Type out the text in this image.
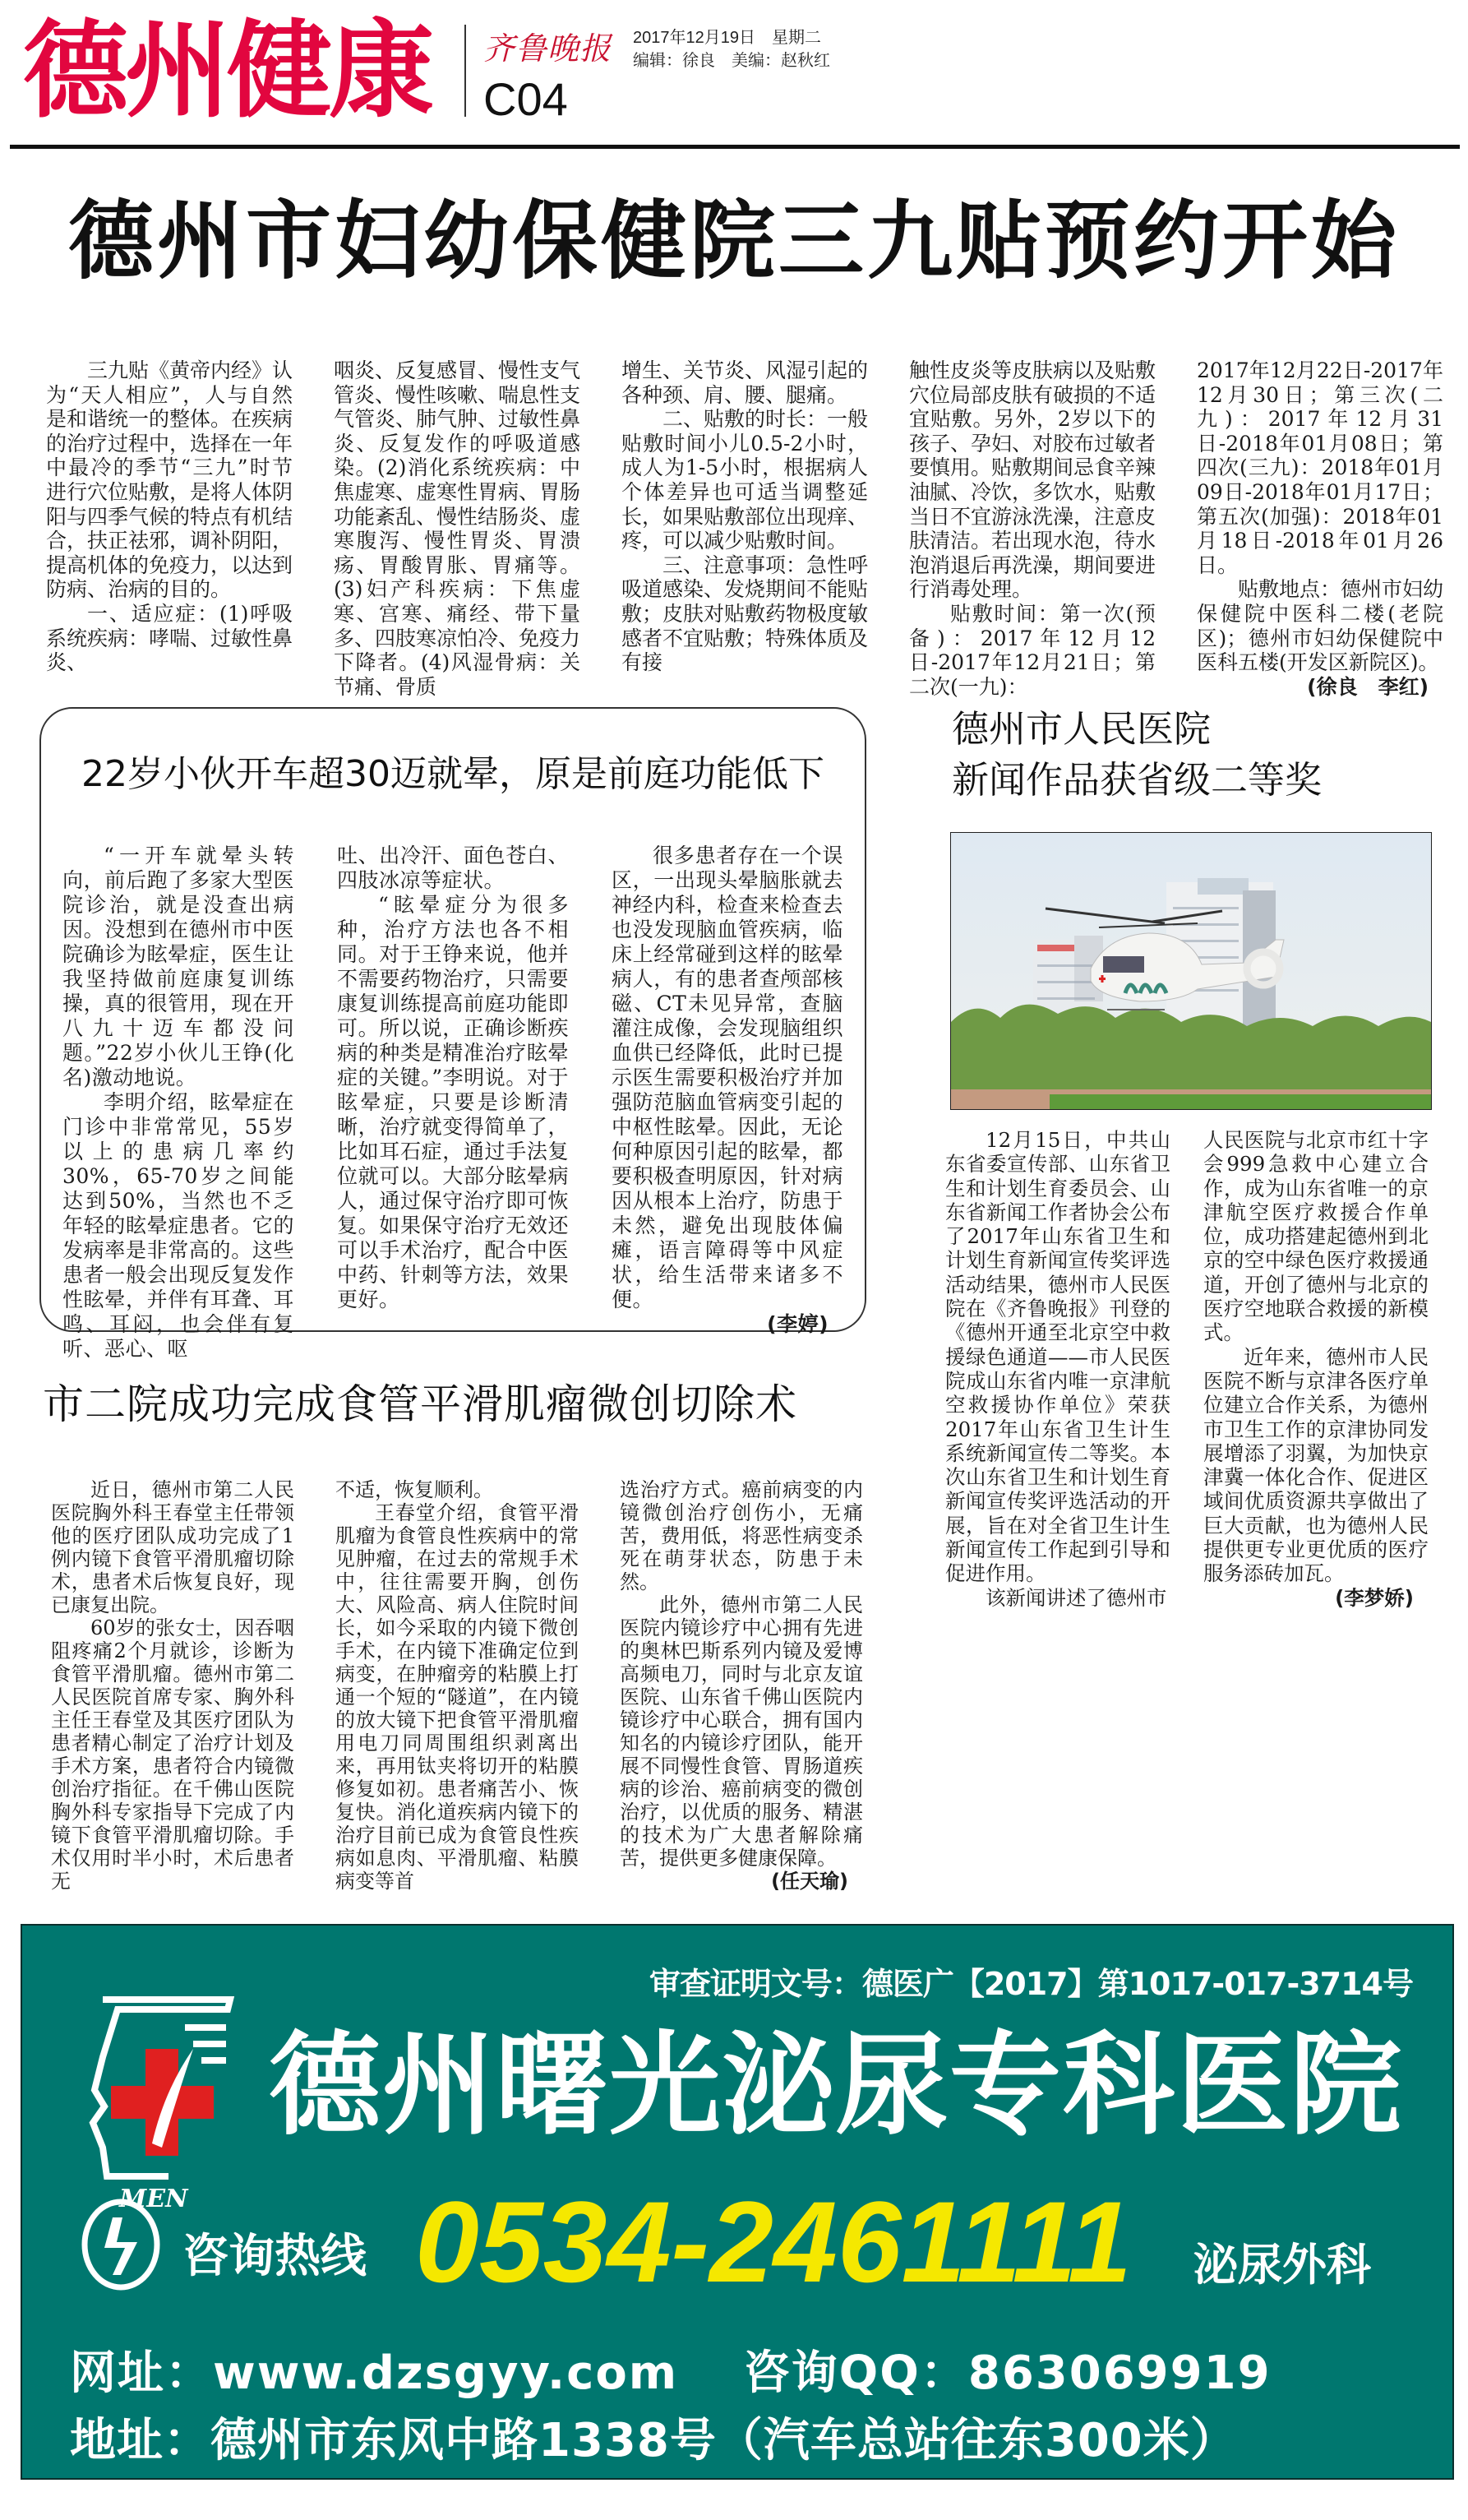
德州健康 齐鲁晚报 2017年12月19日　星期二
编辑：徐良　美编：赵秋红
C04
德州市妇幼保健院三九贴预约开始

三九贴《黄帝内经》认为“天人相应”，人与自然是和谐统一的整体。在疾病的治疗过程中，选择在一年中最冷的季节“三九”时节进行穴位贴敷，是将人体阴阳与四季气候的特点有机结合，扶正祛邪，调补阴阳，提高机体的免疫力，以达到防病、治病的目的。

一、适应症：(1)呼吸系统疾病：哮喘、过敏性鼻炎、

咽炎、反复感冒、慢性支气管炎、慢性咳嗽、喘息性支气管炎、肺气肿、过敏性鼻炎、反复发作的呼吸道感染。(2)消化系统疾病：中焦虚寒、虚寒性胃病、胃肠功能紊乱、慢性结肠炎、虚寒腹泻、慢性胃炎、胃溃疡、胃酸胃胀、胃痛等。(3)妇产科疾病：下焦虚寒、宫寒、痛经、带下量多、四肢寒凉怕冷、免疫力下降者。(4)风湿骨病：关节痛、骨质

增生、关节炎、风湿引起的各种颈、肩、腰、腿痛。

二、贴敷的时长：一般贴敷时间小儿0.5-2小时，成人为1-5小时，根据病人个体差异也可适当调整延长，如果贴敷部位出现痒、疼，可以减少贴敷时间。

三、注意事项：急性呼吸道感染、发烧期间不能贴敷；皮肤对贴敷药物极度敏感者不宜贴敷；特殊体质及有接

触性皮炎等皮肤病以及贴敷穴位局部皮肤有破损的不适宜贴敷。另外，2岁以下的孩子、孕妇、对胶布过敏者要慎用。贴敷期间忌食辛辣油腻、冷饮，多饮水，贴敷当日不宜游泳洗澡，注意皮肤清洁。若出现水泡，待水泡消退后再洗澡，期间要进行消毒处理。

贴敷时间：第一次(预备)：2017年12月12日-2017年12月21日；第二次(一九)：

2017年12月22日-2017年12月30日；第三次(二九)：2017年12月31日-2018年01月08日；第四次(三九)：2018年01月09日-2018年01月17日；第五次(加强)：2018年01月18日-2018年01月26日。

贴敷地点：德州市妇幼保健院中医科二楼(老院区)；德州市妇幼保健院中医科五楼(开发区新院区)。

(徐良　李红)

22岁小伙开车超30迈就晕，原是前庭功能低下

“一开车就晕头转向，前后跑了多家大型医院诊治，就是没查出病因。没想到在德州市中医院确诊为眩晕症，医生让我坚持做前庭康复训练操，真的很管用，现在开八九十迈车都没问题。”22岁小伙儿王铮(化名)激动地说。

李明介绍，眩晕症在门诊中非常常见，55岁以上的患病几率约30%，65-70岁之间能达到50%，当然也不乏年轻的眩晕症患者。它的发病率是非常高的。这些患者一般会出现反复发作性眩晕，并伴有耳聋、耳鸣、耳闷，也会伴有复听、恶心、呕

吐、出冷汗、面色苍白、四肢冰凉等症状。

“眩晕症分为很多种，治疗方法也各不相同。对于王铮来说，他并不需要药物治疗，只需要康复训练提高前庭功能即可。所以说，正确诊断疾病的种类是精准治疗眩晕症的关键。”李明说。对于眩晕症，只要是诊断清晰，治疗就变得简单了，比如耳石症，通过手法复位就可以。大部分眩晕病人，通过保守治疗即可恢复。如果保守治疗无效还可以手术治疗，配合中医中药、针刺等方法，效果更好。

很多患者存在一个误区，一出现头晕脑胀就去神经内科，检查来检查去也没发现脑血管疾病，临床上经常碰到这样的眩晕病人，有的患者查颅部核磁、CT未见异常，查脑灌注成像，会发现脑组织血供已经降低，此时已提示医生需要积极治疗并加强防范脑血管病变引起的中枢性眩晕。因此，无论何种原因引起的眩晕，都要积极查明原因，针对病因从根本上治疗，防患于未然，避免出现肢体偏瘫，语言障碍等中风症状，给生活带来诸多不便。

(李婷)

市二院成功完成食管平滑肌瘤微创切除术

近日，德州市第二人民医院胸外科王春堂主任带领他的医疗团队成功完成了1例内镜下食管平滑肌瘤切除术，患者术后恢复良好，现已康复出院。

60岁的张女士，因吞咽阻疼痛2个月就诊，诊断为食管平滑肌瘤。德州市第二人民医院首席专家、胸外科主任王春堂及其医疗团队为患者精心制定了治疗计划及手术方案，患者符合内镜微创治疗指征。在千佛山医院胸外科专家指导下完成了内镜下食管平滑肌瘤切除。手术仅用时半小时，术后患者无

不适，恢复顺利。

王春堂介绍，食管平滑肌瘤为食管良性疾病中的常见肿瘤，在过去的常规手术中，往往需要开胸，创伤大、风险高、病人住院时间长，如今采取的内镜下微创手术，在内镜下准确定位到病变，在肿瘤旁的粘膜上打通一个短的“隧道”，在内镜的放大镜下把食管平滑肌瘤用电刀同周围组织剥离出来，再用钛夹将切开的粘膜修复如初。患者痛苦小、恢复快。消化道疾病内镜下的治疗目前已成为食管良性疾病如息肉、平滑肌瘤、粘膜病变等首

选治疗方式。癌前病变的内镜微创治疗创伤小，无痛苦，费用低，将恶性病变杀死在萌芽状态，防患于未然。

此外，德州市第二人民医院内镜诊疗中心拥有先进的奥林巴斯系列内镜及爱博高频电刀，同时与北京友谊医院、山东省千佛山医院内镜诊疗中心联合，拥有国内知名的内镜诊疗团队，能开展不同慢性食管、胃肠道疾病的诊治、癌前病变的微创治疗，以优质的服务、精湛的技术为广大患者解除痛苦，提供更多健康保障。

(任天瑜)

德州市人民医院
新闻作品获省级二等奖

12月15日，中共山东省委宣传部、山东省卫生和计划生育委员会、山东省新闻工作者协会公布了2017年山东省卫生和计划生育新闻宣传奖评选活动结果，德州市人民医院在《齐鲁晚报》刊登的《德州开通至北京空中救援绿色通道——市人民医院成山东省内唯一京津航空救援协作单位》荣获2017年山东省卫生计生系统新闻宣传二等奖。本次山东省卫生和计划生育新闻宣传奖评选活动的开展，旨在对全省卫生计生新闻宣传工作起到引导和促进作用。

该新闻讲述了德州市

人民医院与北京市红十字会999急救中心建立合作，成为山东省唯一的京津航空医疗救援合作单位，成功搭建起德州到北京的空中绿色医疗救援通道，开创了德州与北京的医疗空地联合救援的新模式。

近年来，德州市人民医院不断与京津各医疗单位建立合作关系，为德州市卫生工作的京津协同发展增添了羽翼，为加快京津冀一体化合作、促进区域间优质资源共享做出了巨大贡献，也为德州人民提供更专业更优质的医疗服务添砖加瓦。

(李梦娇)

审查证明文号：德医广【2017】第1017-017-3714号
MEN
德州曙光泌尿专科医院
咨询热线 0534-2461111 泌尿外科
网址：www.dzsgyy.com　 咨询QQ：863069919
地址：德州市东风中路1338号（汽车总站往东300米）
